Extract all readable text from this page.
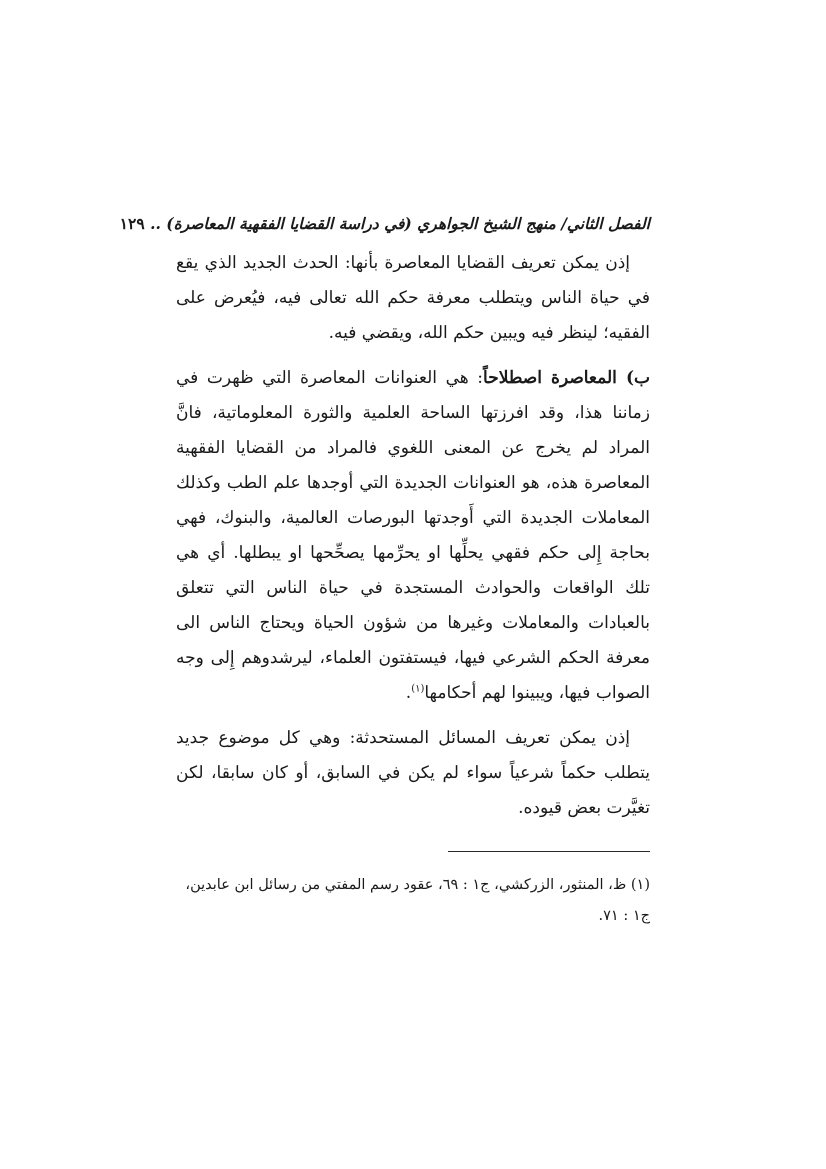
الفصل الثاني/ منهج الشيخ الجواهري (في دراسة القضايا الفقهية المعاصرة) .. ١٢٩

إذن يمكن تعريف القضايا المعاصرة بأنها: الحدث الجديد الذي يقع في حياة الناس ويتطلب معرفة حكم الله تعالى فيه، فيُعرض على الفقيه؛ لينظر فيه ويبين حكم الله، ويقضي فيه.

ب) المعاصرة اصطلاحاً: هي العنوانات المعاصرة التي ظهرت في زماننا هذا، وقد افرزتها الساحة العلمية والثورة المعلوماتية، فانَّ المراد لم يخرج عن المعنى اللغوي فالمراد من القضايا الفقهية المعاصرة هذه، هو العنوانات الجديدة التي أوجدها علم الطب وكذلك المعاملات الجديدة التي أَوجدتها البورصات العالمية، والبنوك، فهي بحاجة إِلى حكم فقهي يحلِّها او يحرِّمها يصحِّحها او يبطلها. أي هي تلك الواقعات والحوادث المستجدة في حياة الناس التي تتعلق بالعبادات والمعاملات وغيرها من شؤون الحياة ويحتاج الناس الى معرفة الحكم الشرعي فيها، فيستفتون العلماء، ليرشدوهم إِلى وجه الصواب فيها، ويبينوا لهم أحكامها$^{(١)}$.

إذن يمكن تعريف المسائل المستحدثة: وهي كل موضوع جديد يتطلب حكماً شرعياً سواء لم يكن في السابق، أو كان سابقا، لكن تغيَّرت بعض قيوده.

(١) ظ، المنثور، الزركشي، ج١ : ٦٩، عقود رسم المفتي من رسائل ابن عابدين، ج١ : ٧١.
